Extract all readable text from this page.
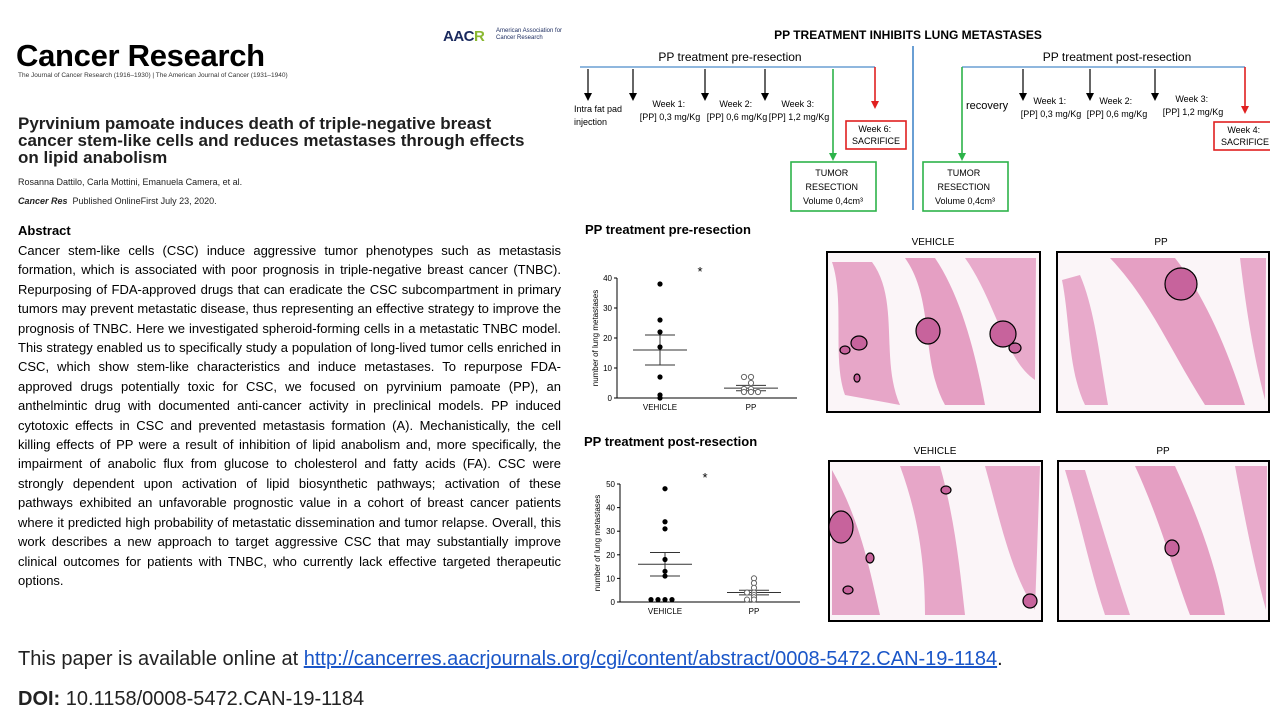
Cancer Research
The Journal of Cancer Research (1916–1930) | The American Journal of Cancer (1931–1940)
AACR American Association for Cancer Research
Pyrvinium pamoate induces death of triple-negative breast cancer stem-like cells and reduces metastases through effects on lipid anabolism
Rosanna Dattilo, Carla Mottini, Emanuela Camera, et al.
Cancer Res Published OnlineFirst July 23, 2020.
Abstract
Cancer stem-like cells (CSC) induce aggressive tumor phenotypes such as metastasis formation, which is associated with poor prognosis in triple-negative breast cancer (TNBC). Repurposing of FDA-approved drugs that can eradicate the CSC subcompartment in primary tumors may prevent metastatic disease, thus representing an effective strategy to improve the prognosis of TNBC. Here we investigated spheroid-forming cells in a metastatic TNBC model. This strategy enabled us to specifically study a population of long-lived tumor cells enriched in CSC, which show stem-like characteristics and induce metastases. To repurpose FDA-approved drugs potentially toxic for CSC, we focused on pyrvinium pamoate (PP), an anthelmintic drug with documented anti-cancer activity in preclinical models. PP induced cytotoxic effects in CSC and prevented metastasis formation (A). Mechanistically, the cell killing effects of PP were a result of inhibition of lipid anabolism and, more specifically, the impairment of anabolic flux from glucose to cholesterol and fatty acids (FA). CSC were strongly dependent upon activation of lipid biosynthetic pathways; activation of these pathways exhibited an unfavorable prognostic value in a cohort of breast cancer patients where it predicted high probability of metastatic dissemination and tumor relapse. Overall, this work describes a new approach to target aggressive CSC that may substantially improve clinical outcomes for patients with TNBC, who currently lack effective targeted therapeutic options.
PP TREATMENT INHIBITS LUNG METASTASES
PP treatment pre-resection
Intra fat pad injection
Week 1: [PP] 0,3 mg/Kg
Week 2: [PP] 0,6 mg/Kg
Week 3: [PP] 1,2 mg/Kg
Week 6: SACRIFICE
TUMOR RESECTION Volume 0,4cm³
PP treatment post-resection
recovery	Week 1: [PP] 0,3 mg/Kg
Week 2: [PP] 0,6 mg/Kg
Week 3: [PP] 1,2 mg/Kg
Week 4: SACRIFICE
TUMOR RESECTION Volume 0,4cm³
PP treatment pre-resection
0
10
20
30
40
number of lung metastases
VEHICLE	PP
*
PP treatment post-resection
0
10
20
30
40
50
number of lung metastases
VEHICLE	PP
*
VEHICLE	PP
VEHICLE	PP
This paper is available online at http://cancerres.aacrjournals.org/cgi/content/abstract/0008-5472.CAN-19-1184.
DOI: 10.1158/0008-5472.CAN-19-1184
